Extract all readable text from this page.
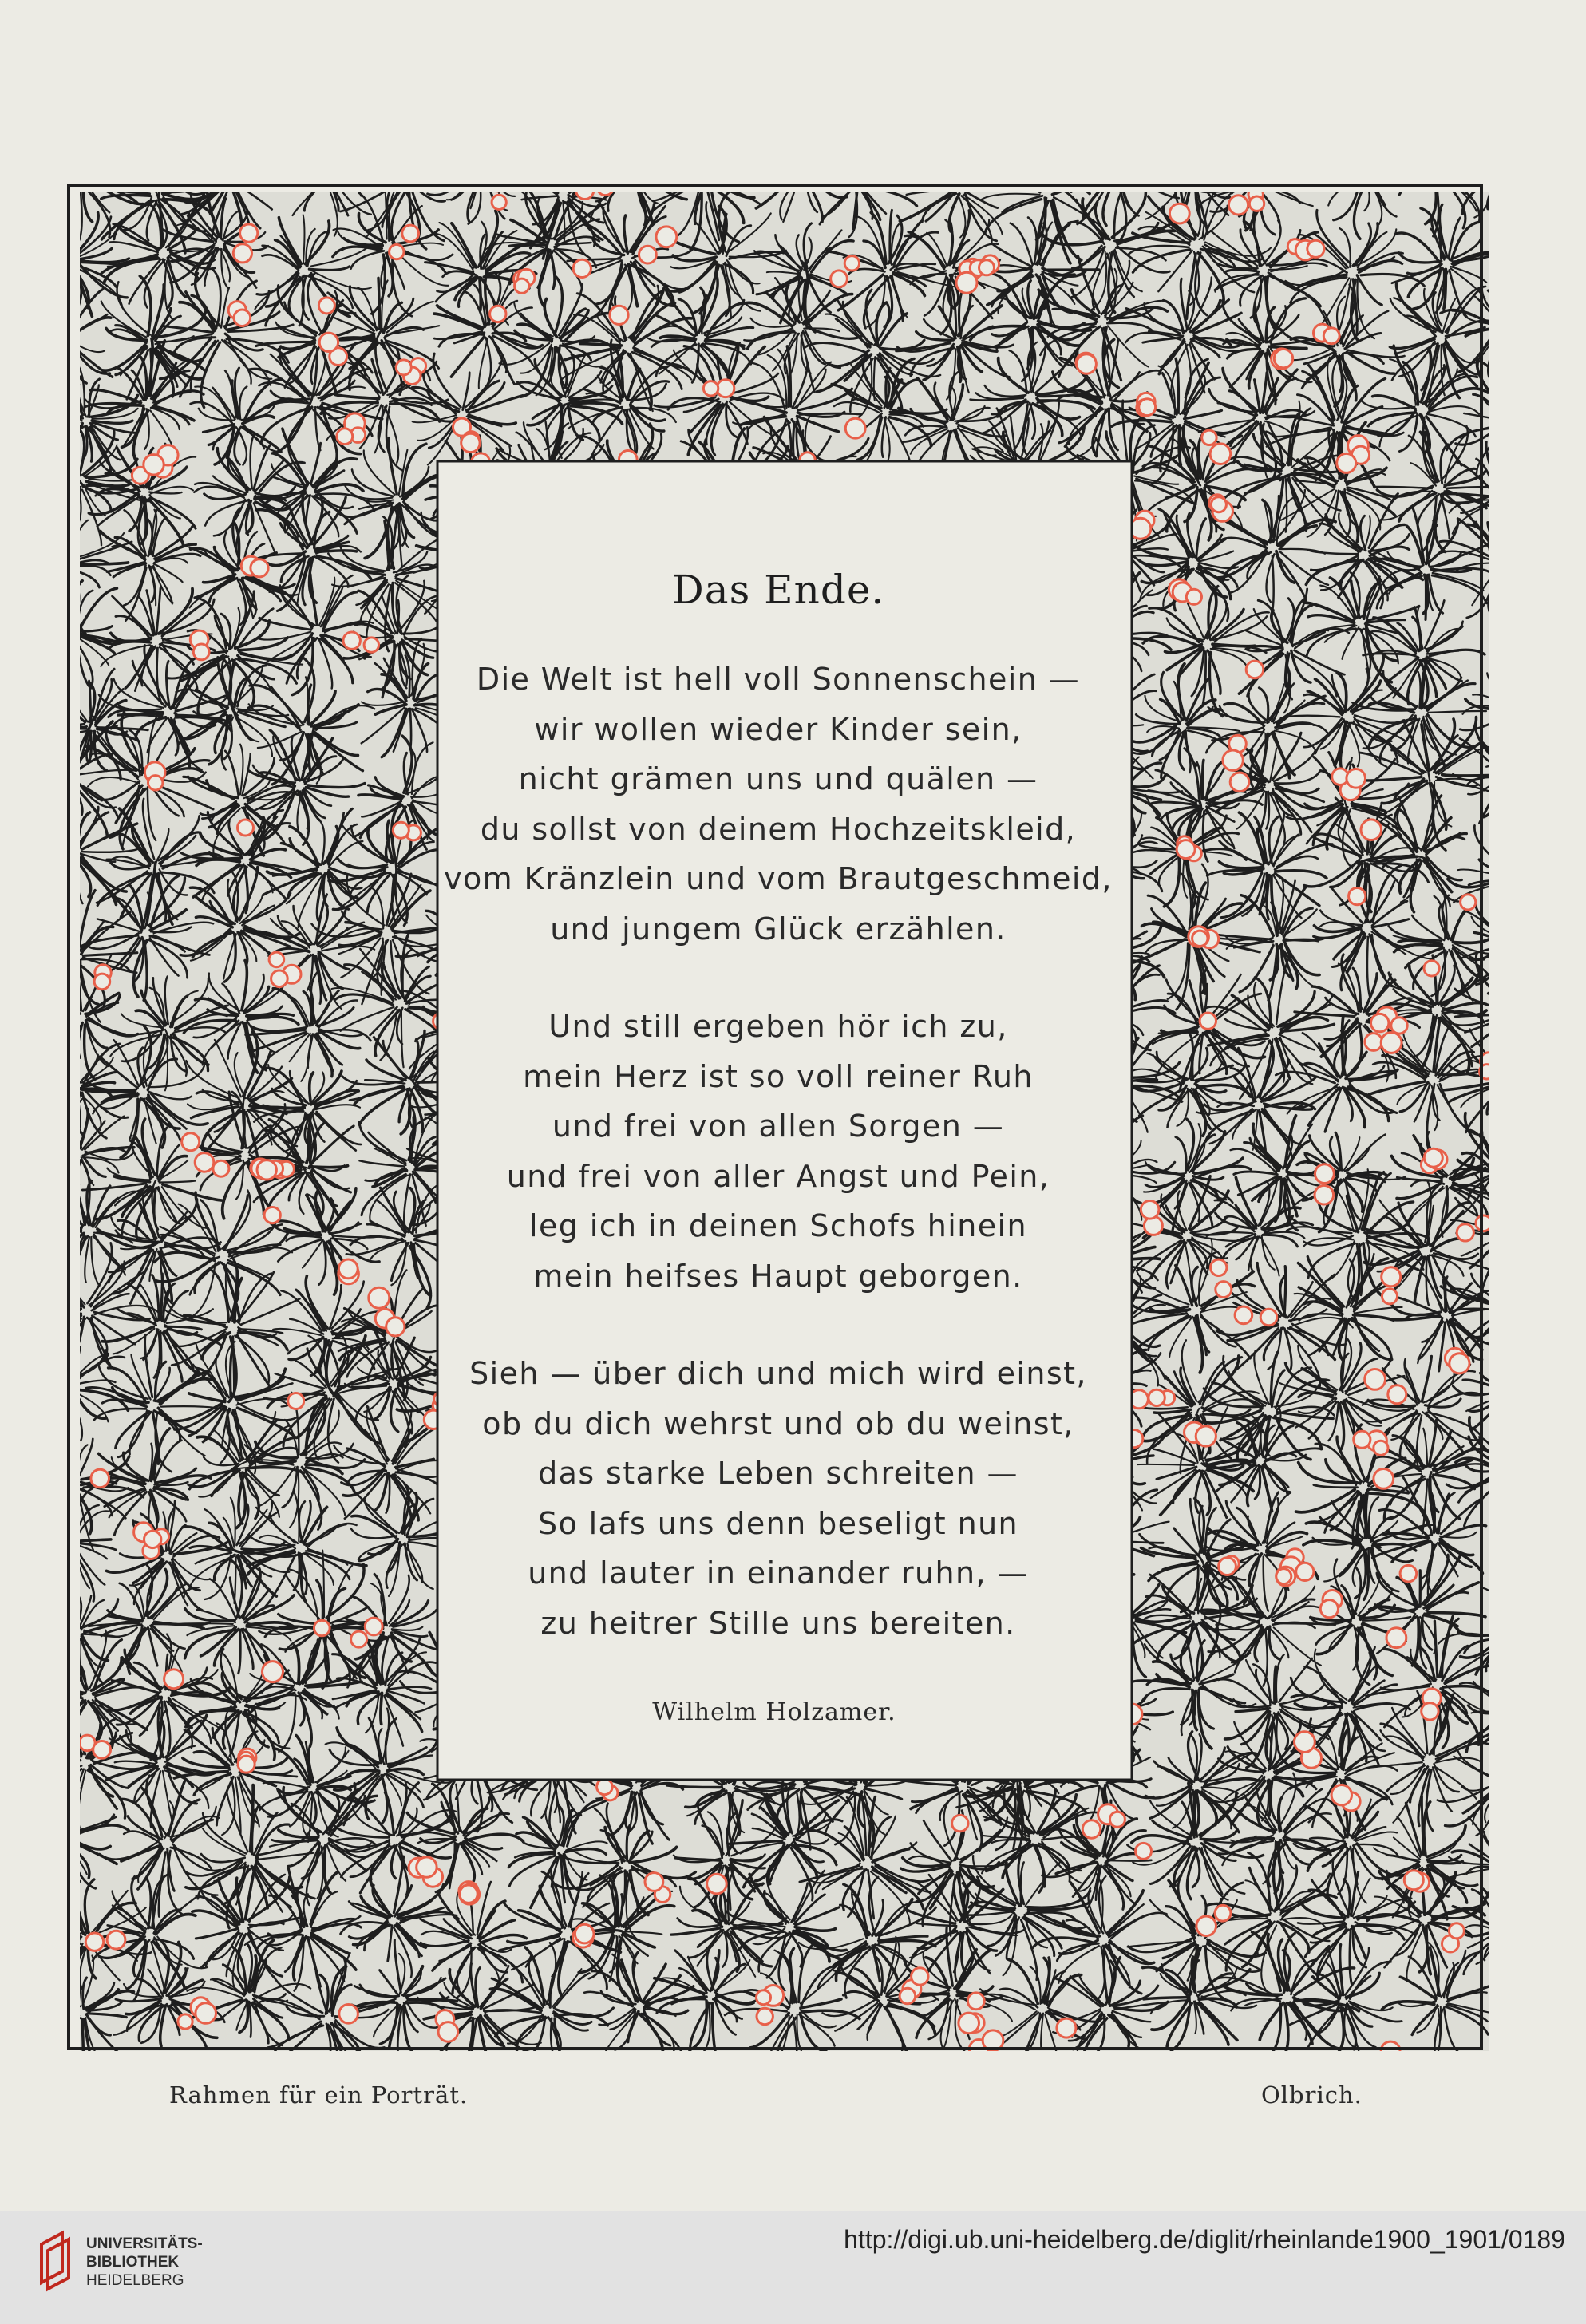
Das Ende.
Die Welt ist hell voll Sonnenschein —
wir wollen wieder Kinder sein,
nicht grämen uns und quälen —
du sollst von deinem Hochzeitskleid,
vom Kränzlein und vom Brautgeschmeid,
und jungem Glück erzählen.
Und still ergeben hör ich zu,
mein Herz ist so voll reiner Ruh
und frei von allen Sorgen —
und frei von aller Angst und Pein,
leg ich in deinen Schofs hinein
mein heifses Haupt geborgen.
Sieh — über dich und mich wird einst,
ob du dich wehrst und ob du weinst,
das starke Leben schreiten —
So lafs uns denn beseligt nun
und lauter in einander ruhn, —
zu heitrer Stille uns bereiten.
Wilhelm Holzamer.
Rahmen für ein Porträt.	Olbrich.
UNIVERSITÄTS-
BIBLIOTHEK
HEIDELBERG
http://digi.ub.uni-heidelberg.de/diglit/rheinlande1900_1901/0189
